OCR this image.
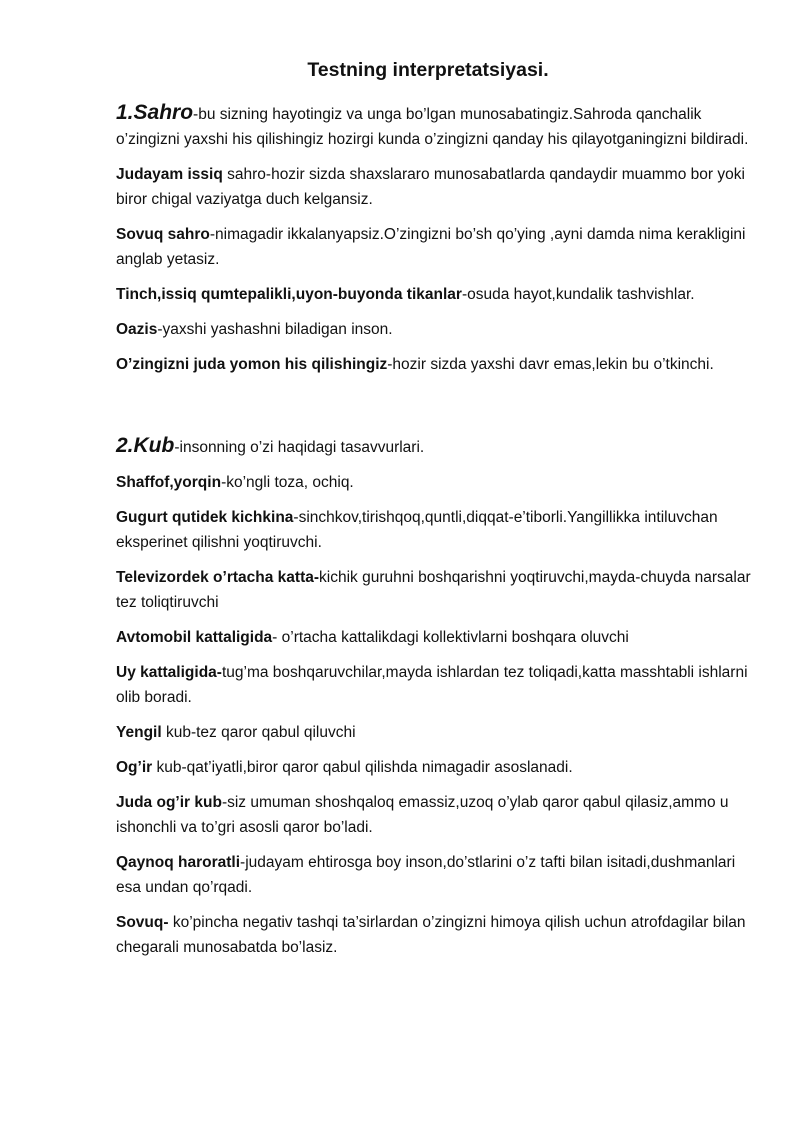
Testning interpretatsiyasi.

1.Sahro-bu sizning hayotingiz va unga bo’lgan munosabatingiz.Sahroda qanchalik o’zingizni yaxshi his qilishingiz hozirgi kunda o’zingizni qanday his qilayotganingizni bildiradi.

Judayam issiq sahro-hozir sizda shaxslararo munosabatlarda qandaydir muammo bor yoki biror chigal vaziyatga duch kelgansiz.

Sovuq sahro-nimagadir ikkalanyapsiz.O’zingizni bo’sh qo’ying ,ayni damda nima kerakligini anglab yetasiz.

Tinch,issiq qumtepalikli,uyon-buyonda tikanlar-osuda hayot,kundalik tashvishlar.

Oazis-yaxshi yashashni biladigan inson.

O’zingizni juda yomon his qilishingiz-hozir sizda yaxshi davr emas,lekin bu o’tkinchi.

2.Kub-insonning o’zi haqidagi tasavvurlari.

Shaffof,yorqin-ko’ngli toza, ochiq.

Gugurt qutidek kichkina-sinchkov,tirishqoq,quntli,diqqat-e’tiborli.Yangillikka intiluvchan eksperinet qilishni yoqtiruvchi.

Televizordek o’rtacha katta-kichik guruhni boshqarishni yoqtiruvchi,mayda-chuyda narsalar tez toliqtiruvchi

Avtomobil kattaligida- o’rtacha kattalikdagi kollektivlarni boshqara oluvchi

Uy kattaligida-tug’ma boshqaruvchilar,mayda ishlardan tez toliqadi,katta masshtabli ishlarni olib boradi.

Yengil kub-tez qaror qabul qiluvchi

Og’ir kub-qat’iyatli,biror qaror qabul qilishda nimagadir asoslanadi.

Juda og’ir kub-siz umuman shoshqaloq emassiz,uzoq o’ylab qaror qabul qilasiz,ammo u ishonchli va to’gri asosli qaror bo’ladi.

Qaynoq haroratli-judayam ehtirosga boy inson,do’stlarini o’z tafti bilan isitadi,dushmanlari esa undan qo’rqadi.

Sovuq- ko’pincha negativ tashqi ta’sirlardan o’zingizni himoya qilish uchun atrofdagilar bilan chegarali munosabatda bo’lasiz.
